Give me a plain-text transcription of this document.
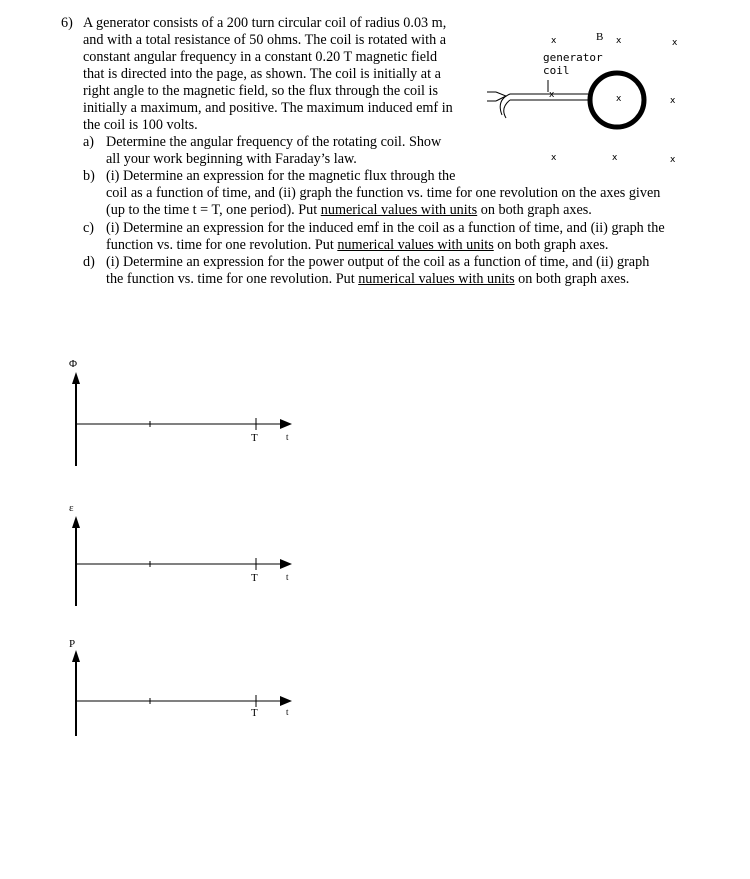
6) A generator consists of a 200 turn circular coil of radius 0.03 m,
and with a total resistance of 50 ohms. The coil is rotated with a
constant angular frequency in a constant 0.20 T magnetic field
that is directed into the page, as shown. The coil is initially at a
right angle to the magnetic field, so the flux through the coil is
initially a maximum, and positive. The maximum induced emf in
the coil is 100 volts.
a) Determine the angular frequency of the rotating coil. Show
all your work beginning with Faraday’s law.
b) (i) Determine an expression for the magnetic flux through the
coil as a function of time, and (ii) graph the function vs. time for one revolution on the axes given
(up to the time t = T, one period). Put numerical values with units on both graph axes.
c) (i) Determine an expression for the induced emf in the coil as a function of time, and (ii) graph the
function vs. time for one revolution. Put numerical values with units on both graph axes.
d) (i) Determine an expression for the power output of the coil as a function of time, and (ii) graph
the function vs. time for one revolution. Put numerical values with units on both graph axes.
x	B x	x
x	x	x
x	x	x
generator
coil
Φ
T	t
ε
T	t
P
T	t
